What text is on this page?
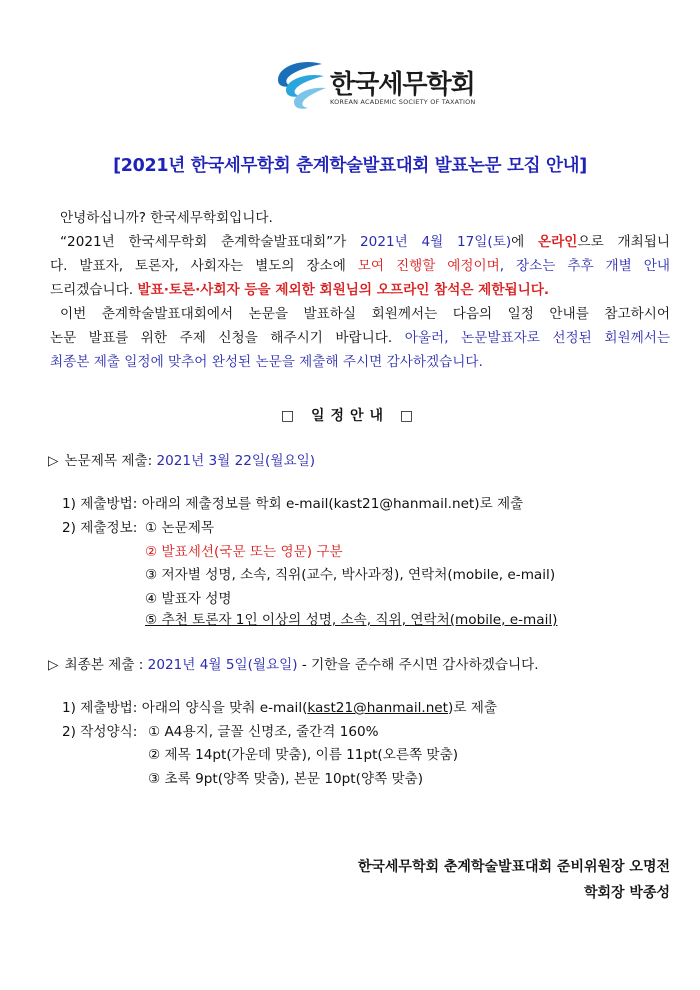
한국세무학회
KOREAN ACADEMIC SOCIETY OF TAXATION
[2021년 한국세무학회 춘계학술발표대회 발표논문 모집 안내]
안녕하십니까? 한국세무학회입니다.
“2021년 한국세무학회 춘계학술발표대회”가 2021년 4월 17일(토)에 온라인으로 개최됩니
다. 발표자, 토론자, 사회자는 별도의 장소에 모여 진행할 예정이며, 장소는 추후 개별 안내
드리겠습니다. 발표·토론·사회자 등을 제외한 회원님의 오프라인 참석은 제한됩니다.
이번 춘계학술발표대회에서 논문을 발표하실 회원께서는 다음의 일정 안내를 참고하시어
논문 발표를 위한 주제 신청을 해주시기 바랍니다. 아울러, 논문발표자로 선정된 회원께서는
최종본 제출 일정에 맞추어 완성된 논문을 제출해 주시면 감사하겠습니다.
□ 일정안내 □
▷ 논문제목 제출: 2021년 3월 22일(월요일)
1) 제출방법: 아래의 제출정보를 학회 e-mail(kast21@hanmail.net)로 제출
2) 제출정보: ① 논문제목
② 발표세션(국문 또는 영문) 구분
③ 저자별 성명, 소속, 직위(교수, 박사과정), 연락처(mobile, e-mail)
④ 발표자 성명
⑤ 추천 토론자 1인 이상의 성명, 소속, 직위, 연락처(mobile, e-mail)
▷ 최종본 제출 : 2021년 4월 5일(월요일) - 기한을 준수해 주시면 감사하겠습니다.
1) 제출방법: 아래의 양식을 맞춰 e-mail(kast21@hanmail.net)로 제출
2) 작성양식: ① A4용지, 글꼴 신명조, 줄간격 160%
② 제목 14pt(가운데 맞춤), 이름 11pt(오른쪽 맞춤)
③ 초록 9pt(양쪽 맞춤), 본문 10pt(양쪽 맞춤)
한국세무학회 춘계학술발표대회 준비위원장 오명전
학회장 박종성
